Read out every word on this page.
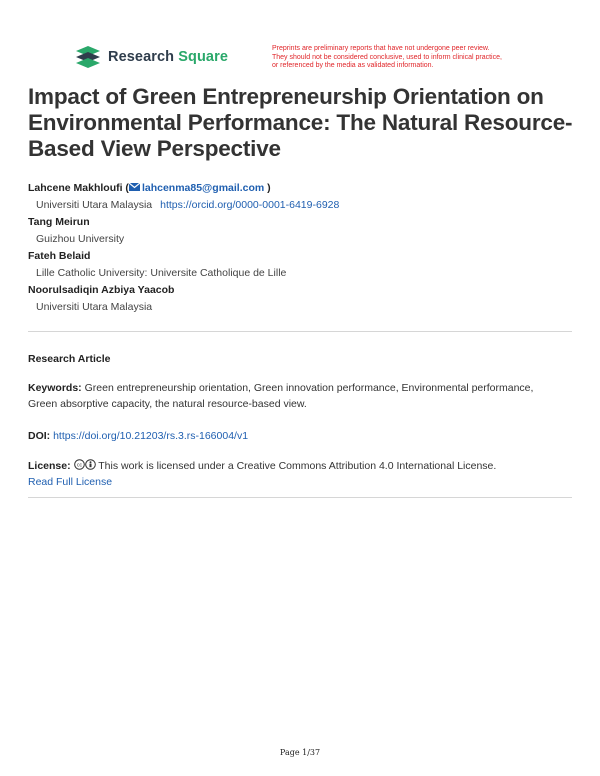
Research Square
Preprints are preliminary reports that have not undergone peer review.
They should not be considered conclusive, used to inform clinical practice,
or referenced by the media as validated information.
Impact of Green Entrepreneurship Orientation on Environmental Performance: The Natural Resource-Based View Perspective
Lahcene Makhloufi ( lahcenma85@gmail.com )
Universiti Utara Malaysia https://orcid.org/0000-0001-6419-6928
Tang Meirun
Guizhou University
Fateh Belaid
Lille Catholic University: Universite Catholique de Lille
Noorulsadiqin Azbiya Yaacob
Universiti Utara Malaysia
Research Article
Keywords: Green entrepreneurship orientation, Green innovation performance, Environmental performance, Green absorptive capacity, the natural resource-based view.
DOI: https://doi.org/10.21203/rs.3.rs-166004/v1
License: cc This work is licensed under a Creative Commons Attribution 4.0 International License.
Read Full License
Page 1/37
